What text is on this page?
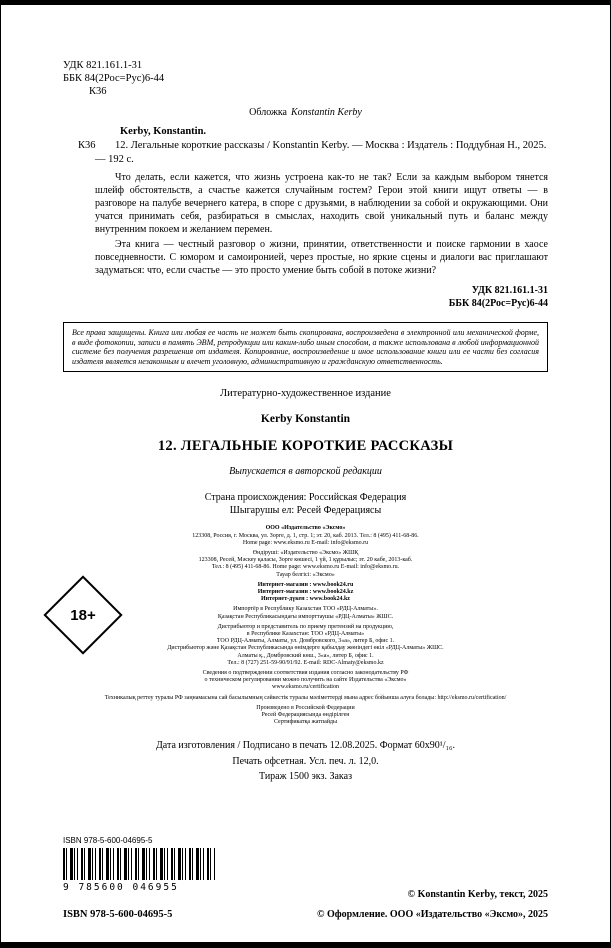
УДК 821.161.1-31
ББК 84(2Рос=Рус)6-44
К36
Обложка Konstantin Kerby
Kerby, Konstantin.
К36	12. Легальные короткие рассказы / Konstantin Kerby. — Москва : Издатель : Поддубная Н., 2025. — 192 с.

Что делать, если кажется, что жизнь устроена как-то не так? Если за каждым выбором тянется шлейф обстоятельств, а счастье кажется случайным гостем? Герои этой книги ищут ответы — в разговоре на палубе вечернего катера, в споре с друзьями, в наблюдении за собой и окружающими. Они учатся принимать себя, разбираться в смыслах, находить свой уникальный путь и баланс между внутренним покоем и желанием перемен.

Эта книга — честный разговор о жизни, принятии, ответственности и поиске гармонии в хаосе повседневности. С юмором и самоиронией, через простые, но яркие сцены и диалоги вас приглашают задуматься: что, если счастье — это просто умение быть собой в потоке жизни?

УДК 821.161.1-31
ББК 84(2Рос=Рус)6-44
Все права защищены. Книга или любая ее часть не может быть скопирована, воспроизведена в электронной или механической форме, в виде фотокопии, записи в память ЭВМ, репродукции или каким-либо иным способом, а также использована в любой информационной системе без получения разрешения от издателя. Копирование, воспроизведение и иное использование книги или ее части без согласия издателя является незаконным и влечет уголовную, административную и гражданскую ответственность.
Литературно-художественное издание
Kerby Konstantin
12. ЛЕГАЛЬНЫЕ КОРОТКИЕ РАССКАЗЫ
Выпускается в авторской редакции
Страна происхождения: Российская Федерация
Шыгарушы ел: Ресей Федерациясы
ООО «Издательство «Эксмо»
123308, Россия, г. Москва, ул. Зорге, д. 1, стр. 1; эт. 20, каб. 2013. Тел.: 8 (495) 411-68-86.
Home page: www.eksmo.ru E-mail: info@eksmo.ru
Өндіруші: «Издательство «Эксмо» ЖШҚ
123308, Ресей, Мәскеу қаласы, Зорге көшесі, 1 үй, 1 құрылыс; эт. 20 кабе, 2013-каб.
Тел.: 8 (495) 411-68-86. Home page: www.eksmo.ru E-mail: info@eksmo.ru.
Тауар белгісі: «Эксмо»
Интернет-магазин : www.book24.ru
Интернет-магазин : www.book24.kz
Интернет-дүкен : www.book24.kz
Импортёр в Республику Казахстан ТОО «РДЦ-Алматы».
Қазақстан Республикасындағы импорттаушы «РДЦ-Алматы» ЖШС.
Дистрибьютор и представитель по приему претензий на продукцию,
в Республике Казахстан: ТОО «РДЦ-Алматы»
ТОО РДЦ-Алматы, Алматы, ул. Домбровского, 3«а», литер Б, офис 1.
Дистрибьютор және Қазақстан Республикасында өнімдерге қабылдау жөніндегі өкіл «РДЦ-Алматы» ЖШС.
Алматы қ., Домбровский көш., 3«а», литер Б, офис 1.
Тел.: 8 (727) 251-59-90/91/92. E-mail: RDC-Almaty@eksmo.kz
Сведения о подтверждении соответствия издания согласно законодательству РФ
о техническом регулировании можно получить на сайте Издательства «Эксмо»
www.eksmo.ru/certification
Техникалық реттеу туралы РФ заңнамасына сай басылымның сәйкестік туралы мәліметтерді мына адрес бойынша алуға болады: http://eksmo.ru/certification/
Произведено в Российской Федерации
Ресей Федерациясында өндірілген
Сертификатқа жатпайды
Дата изготовления / Подписано в печать 12.08.2025. Формат 60x90¹/₁₆.
Печать офсетная. Усл. печ. л. 12,0.
Тираж 1500 экз. Заказ
18+
ISBN 978-5-600-04695-5
9 785600 046955
ISBN 978-5-600-04695-5
© Konstantin Kerby, текст, 2025
© Оформление. ООО «Издательство «Эксмо», 2025
